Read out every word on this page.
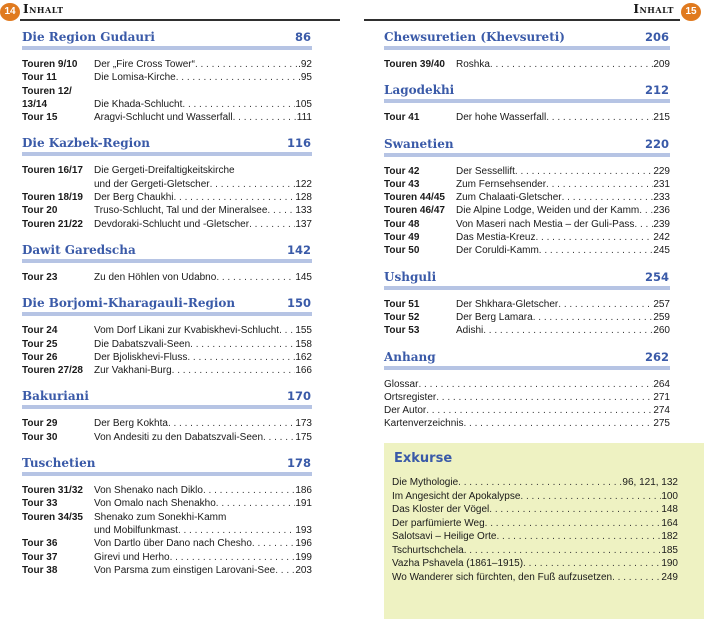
14 Inhalt
Die Region Gudauri	86
Touren 9/10	Der „Fire Cross Tower“ . . .	.92
Tour 11	Die Lomisa-Kirche . . .	.95
Touren 12/
13/14	Die Khada-Schlucht . . .	105
Tour 15	Aragvi-Schlucht und Wasserfall . . .	111
Die Kazbek-Region	116
Touren 16/17	Die Gergeti-Dreifaltigkeitskirche
und der Gergeti-Gletscher . . .	122
Touren 18/19	Der Berg Chaukhi . . .	128
Tour 20	Truso-Schlucht, Tal und der Mineralsee . . .	133
Touren 21/22	Devdoraki-Schlucht und -Gletscher . . .	137
Dawit Garedscha	142
Tour 23	Zu den Höhlen von Udabno . . .	145
Die Borjomi-Kharagauli-Region	150
Tour 24	Vom Dorf Likani zur Kvabiskhevi-Schlucht . . . 155
Tour 25	Die Dabatszvali-Seen . . .	158
Tour 26	Der Bjoliskhevi-Fluss . . .	162
Touren 27/28	Zur Vakhani-Burg . . .	166
Bakuriani	170
Tour 29	Der Berg Kokhta . . .	173
Tour 30	Von Andesiti zu den Dabatszvali-Seen . . .	175
Tuschetien	178
Touren 31/32	Von Shenako nach Diklo . . .	186
Tour 33	Von Omalo nach Shenakho . . .	191
Touren 34/35	Shenako zum Sonekhi-Kamm
und Mobilfunkmast . . .	193
Tour 36	Von Dartlo über Dano nach Chesho . . .	196
Tour 37	Girevi und Herho . . .	199
Tour 38	Von Parsma zum einstigen Larovani-See . . . 203
Inhalt	15
Chewsuretien (Khevsureti)	206
Touren 39/40	Roshka . . .	209
Lagodekhi	212
Tour 41	Der hohe Wasserfall . . .	215
Swanetien	220
Tour 42	Der Sessellift . . .	229
Tour 43	Zum Fernsehsender . . .	231
Touren 44/45	Zum Chalaati-Gletscher . . .	233
Touren 46/47	Die Alpine Lodge, Weiden und der Kamm . . . 236
Tour 48	Von Maseri nach Mestia – der Guli-Pass . . . 239
Tour 49	Das Mestia-Kreuz . . .	242
Tour 50	Der Coruldi-Kamm . . .	245
Ushguli	254
Tour 51	Der Shkhara-Gletscher . . .	257
Tour 52	Der Berg Lamara . . .	259
Tour 53	Adishi . . .	260
Anhang	262
Glossar . . .	264
Ortsregister . . .	271
Der Autor . . .	274
Kartenverzeichnis . . .	275
Exkurse
Die Mythologie . . .	96, 121, 132
Im Angesicht der Apokalypse . . .	100
Das Kloster der Vögel . . .	148
Der parfümierte Weg . . .	164
Salotsavi – Heilige Orte . . .	182
Tschurtschchela . . .	185
Vazha Pshavela (1861–1915) . . .	190
Wo Wanderer sich fürchten, den Fuß aufzusetzen . . .	249
